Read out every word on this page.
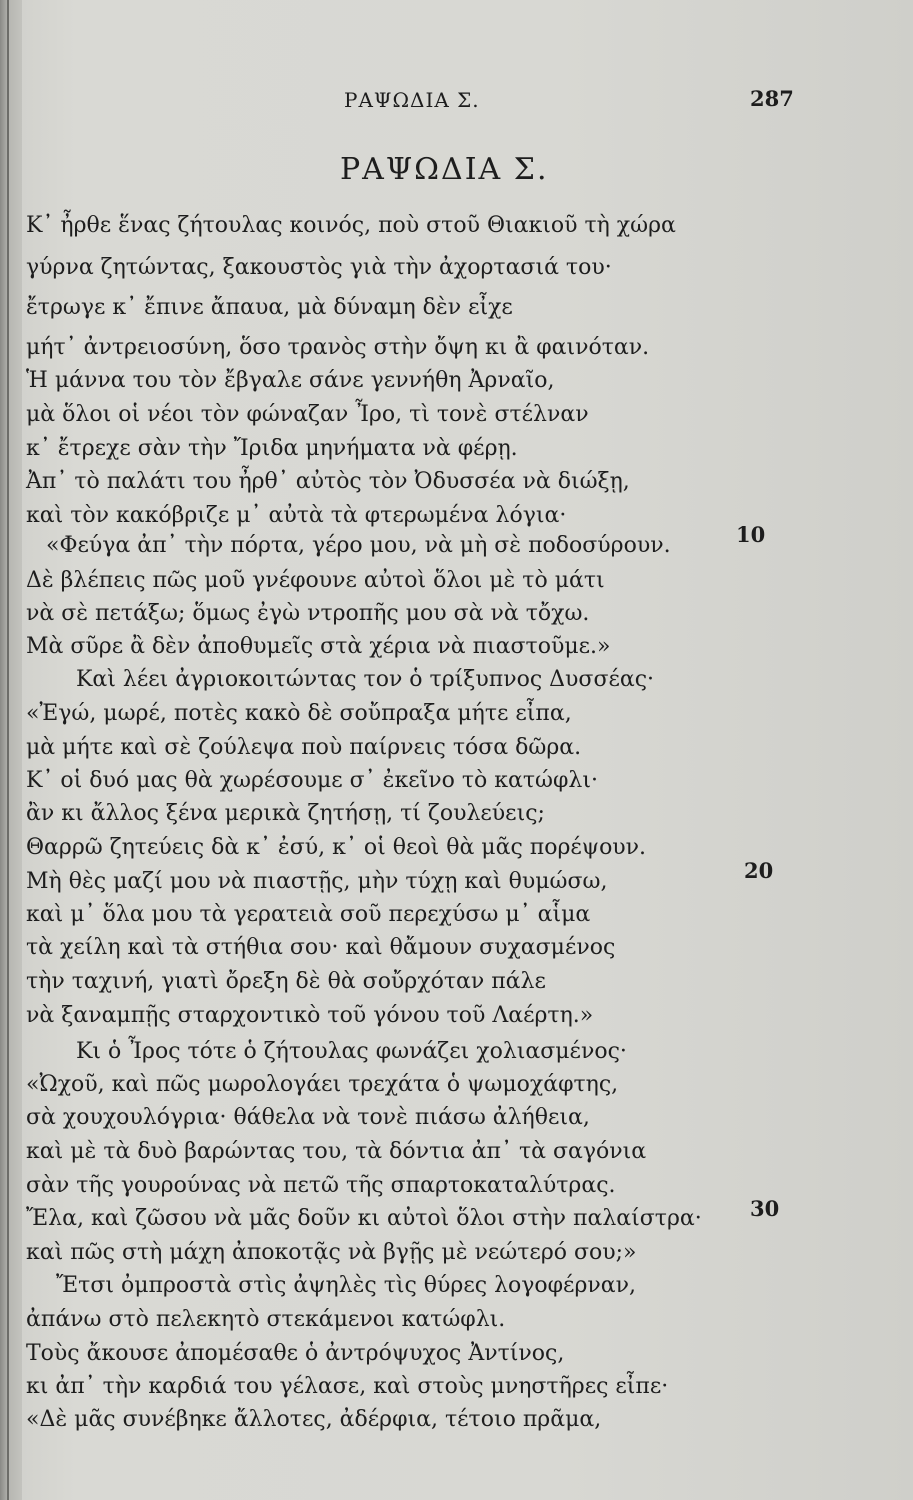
ΡΑΨΩΔΙΑ Σ.	287
ΡΑΨΩΔΙΑ Σ.
Κ᾽ ἦρθε ἕνας ζήτουλας κοινός, ποὺ στοῦ Θιακιοῦ τὴ χώρα
γύρνα ζητώντας, ξακουστὸς γιὰ τὴν ἀχορτασιά του·
ἔτρωγε κ᾽ ἔπινε ἄπαυα, μὰ δύναμη δὲν εἶχε
μήτ᾽ ἀντρειοσύνη, ὅσο τρανὸς στὴν ὄψη κι ἂ φαινόταν.
Ἡ μάννα του τὸν ἔβγαλε σάνε γεννήθη Ἀρναῖο,
μὰ ὅλοι οἱ νέοι τὸν φώναζαν Ἶρο, τὶ τονὲ στέλναν
κ᾽ ἔτρεχε σὰν τὴν Ἴριδα μηνήματα νὰ φέρῃ.
Ἀπ᾽ τὸ παλάτι του ἦρθ᾽ αὐτὸς τὸν Ὀδυσσέα νὰ διώξῃ,
καὶ τὸν κακόβριζε μ᾽ αὐτὰ τὰ φτερωμένα λόγια·
«Φεύγα ἀπ᾽ τὴν πόρτα, γέρο μου, νὰ μὴ σὲ ποδοσύρουν.
Δὲ βλέπεις πῶς μοῦ γνέφουνε αὐτοὶ ὅλοι μὲ τὸ μάτι
νὰ σὲ πετάξω; ὅμως ἐγὼ ντροπῆς μου σὰ νὰ τὄχω.
Μὰ σῦρε ἂ δὲν ἀποθυμεῖς στὰ χέρια νὰ πιαστοῦμε.»
Καὶ λέει ἀγριοκοιτώντας τον ὁ τρίξυπνος Δυσσέας·
«Ἐγώ, μωρέ, ποτὲς κακὸ δὲ σοὔπραξα μήτε εἶπα,
μὰ μήτε καὶ σὲ ζούλεψα ποὺ παίρνεις τόσα δῶρα.
Κ᾽ οἱ δυό μας θὰ χωρέσουμε σ᾽ ἐκεῖνο τὸ κατώφλι·
ἂν κι ἄλλος ξένα μερικὰ ζητήσῃ, τί ζουλεύεις;
Θαρρῶ ζητεύεις δὰ κ᾽ ἐσύ, κ᾽ οἱ θεοὶ θὰ μᾶς πορέψουν.
Μὴ θὲς μαζί μου νὰ πιαστῇς, μὴν τύχῃ καὶ θυμώσω,
καὶ μ᾽ ὅλα μου τὰ γερατειὰ σοῦ περεχύσω μ᾽ αἷμα
τὰ χείλη καὶ τὰ στήθια σου· καὶ θἄμουν συχασμένος
τὴν ταχινή, γιατὶ ὄρεξη δὲ θὰ σοὔρχόταν πάλε
νὰ ξαναμπῇς σταρχοντικὸ τοῦ γόνου τοῦ Λαέρτη.»
Κι ὁ Ἶρος τότε ὁ ζήτουλας φωνάζει χολιασμένος·
«Ὠχοῦ, καὶ πῶς μωρολογάει τρεχάτα ὁ ψωμοχάφτης,
σὰ χουχουλόγρια· θάθελα νὰ τονὲ πιάσω ἀλήθεια,
καὶ μὲ τὰ δυὸ βαρώντας του, τὰ δόντια ἀπ᾽ τὰ σαγόνια
σὰν τῆς γουρούνας νὰ πετῶ τῆς σπαρτοκαταλύτρας.
Ἔλα, καὶ ζῶσου νὰ μᾶς δοῦν κι αὐτοὶ ὅλοι στὴν παλαίστρα·
καὶ πῶς στὴ μάχη ἀποκοτᾷς νὰ βγῇς μὲ νεώτερό σου;»
Ἔτσι ὀμπροστὰ στὶς ἀψηλὲς τὶς θύρες λογοφέρναν,
ἀπάνω στὸ πελεκητὸ στεκάμενοι κατώφλι.
Τοὺς ἄκουσε ἀπομέσαθε ὁ ἀντρόψυχος Ἀντίνος,
κι ἀπ᾽ τὴν καρδιά του γέλασε, καὶ στοὺς μνηστῆρες εἶπε·
«Δὲ μᾶς συνέβηκε ἄλλοτες, ἀδέρφια, τέτοιο πρᾶμα,
10
20
30
